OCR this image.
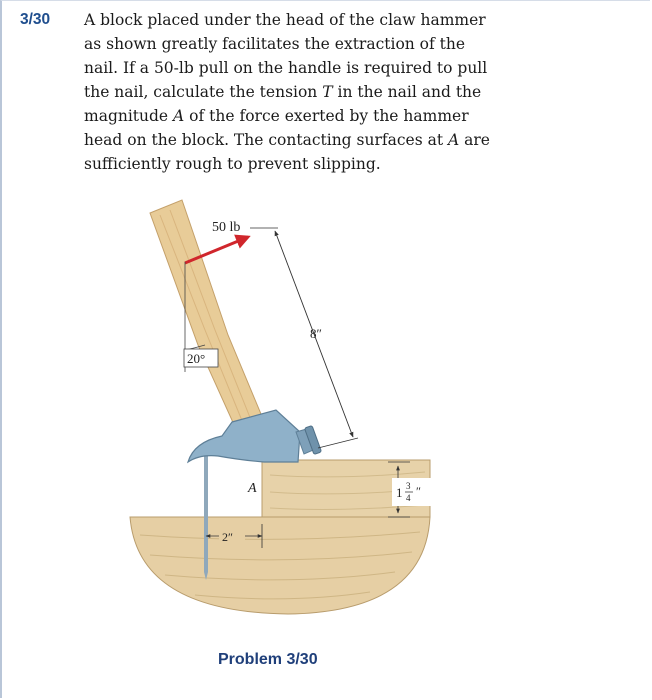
3/30 A block placed under the head of the claw hammer

as shown greatly facilitates the extraction of the

nail. If a 50-lb pull on the handle is required to pull

the nail, calculate the tension T in the nail and the

magnitude A of the force exerted by the hammer

head on the block. The contacting surfaces at A are

sufficiently rough to prevent slipping.

50 lb
8″
20°
A
2″
1 3
4 ″
Problem 3/30
